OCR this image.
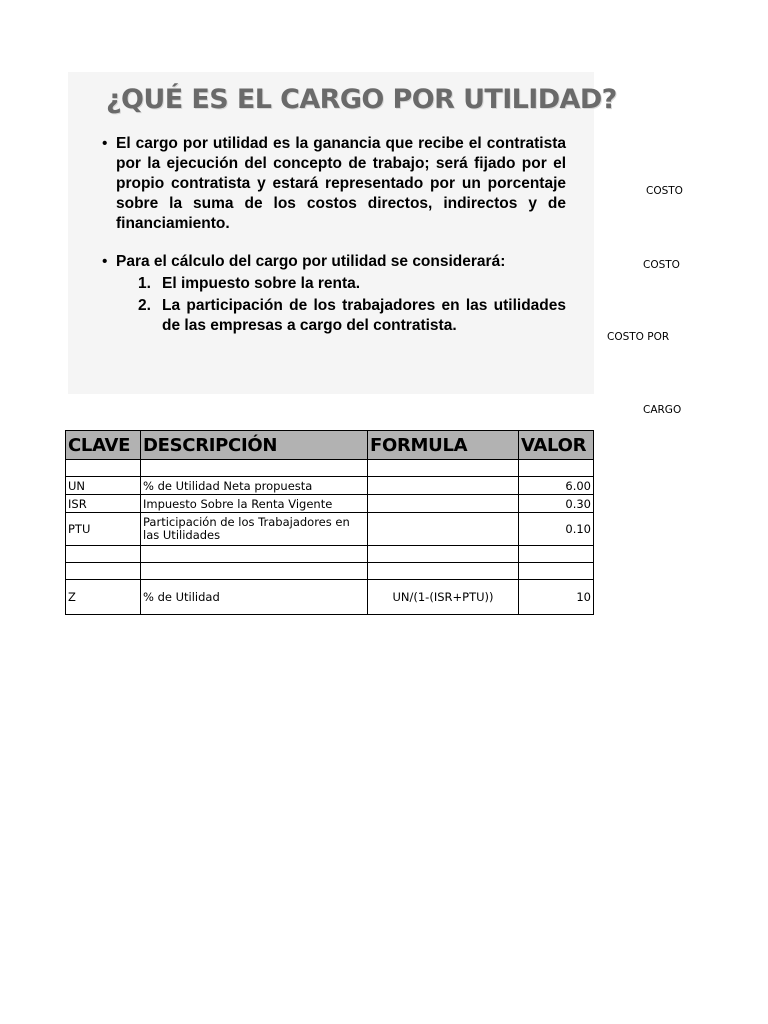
¿QUÉ ES EL CARGO POR UTILIDAD?
• El cargo por utilidad es la ganancia que recibe el contratista por la ejecución del concepto de trabajo; será fijado por el propio contratista y estará representado por un porcentaje sobre la suma de los costos directos, indirectos y de financiamiento.
• Para el cálculo del cargo por utilidad se considerará:
1. El impuesto sobre la renta.
2. La participación de los trabajadores en las utilidades de las empresas a cargo del contratista.
COSTO
COSTO
COSTO POR
CARGO
CLAVE	DESCRIPCIÓN	FORMULA	VALOR

UN	% de Utilidad Neta propuesta		6.00
ISR	Impuesto Sobre la Renta Vigente		0.30
PTU	Participación de los Trabajadores en las Utilidades		0.10

Z	% de Utilidad	UN/(1-(ISR+PTU))	10
